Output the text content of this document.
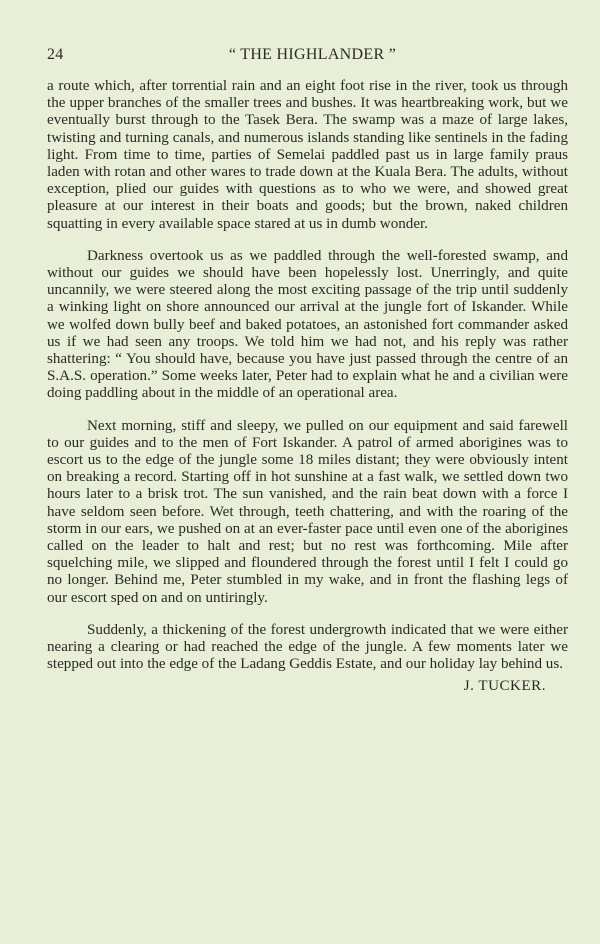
24	“ THE HIGHLANDER ”

a route which, after torrential rain and an eight foot rise in the river, took us through the upper branches of the smaller trees and bushes. It was heartbreaking work, but we eventually burst through to the Tasek Bera. The swamp was a maze of large lakes, twisting and turning canals, and numerous islands standing like sentinels in the fading light. From time to time, parties of Semelai paddled past us in large family praus laden with rotan and other wares to trade down at the Kuala Bera. The adults, without exception, plied our guides with questions as to who we were, and showed great pleasure at our interest in their boats and goods; but the brown, naked children squatting in every available space stared at us in dumb wonder.

Darkness overtook us as we paddled through the well-forested swamp, and without our guides we should have been hopelessly lost. Unerringly, and quite uncannily, we were steered along the most exciting passage of the trip until suddenly a winking light on shore announced our arrival at the jungle fort of Iskander. While we wolfed down bully beef and baked potatoes, an astonished fort commander asked us if we had seen any troops. We told him we had not, and his reply was rather shattering: “ You should have, because you have just passed through the centre of an S.A.S. operation.” Some weeks later, Peter had to explain what he and a civilian were doing paddling about in the middle of an operational area.

Next morning, stiff and sleepy, we pulled on our equipment and said farewell to our guides and to the men of Fort Iskander. A patrol of armed aborigines was to escort us to the edge of the jungle some 18 miles distant; they were obviously intent on breaking a record. Starting off in hot sunshine at a fast walk, we settled down two hours later to a brisk trot. The sun vanished, and the rain beat down with a force I have seldom seen before. Wet through, teeth chattering, and with the roaring of the storm in our ears, we pushed on at an ever-faster pace until even one of the aborigines called on the leader to halt and rest; but no rest was forthcoming. Mile after squelching mile, we slipped and floundered through the forest until I felt I could go no longer. Behind me, Peter stumbled in my wake, and in front the flashing legs of our escort sped on and on untiringly.

Suddenly, a thickening of the forest undergrowth indicated that we were either nearing a clearing or had reached the edge of the jungle. A few moments later we stepped out into the edge of the Ladang Geddis Estate, and our holiday lay behind us.

J. TUCKER.
